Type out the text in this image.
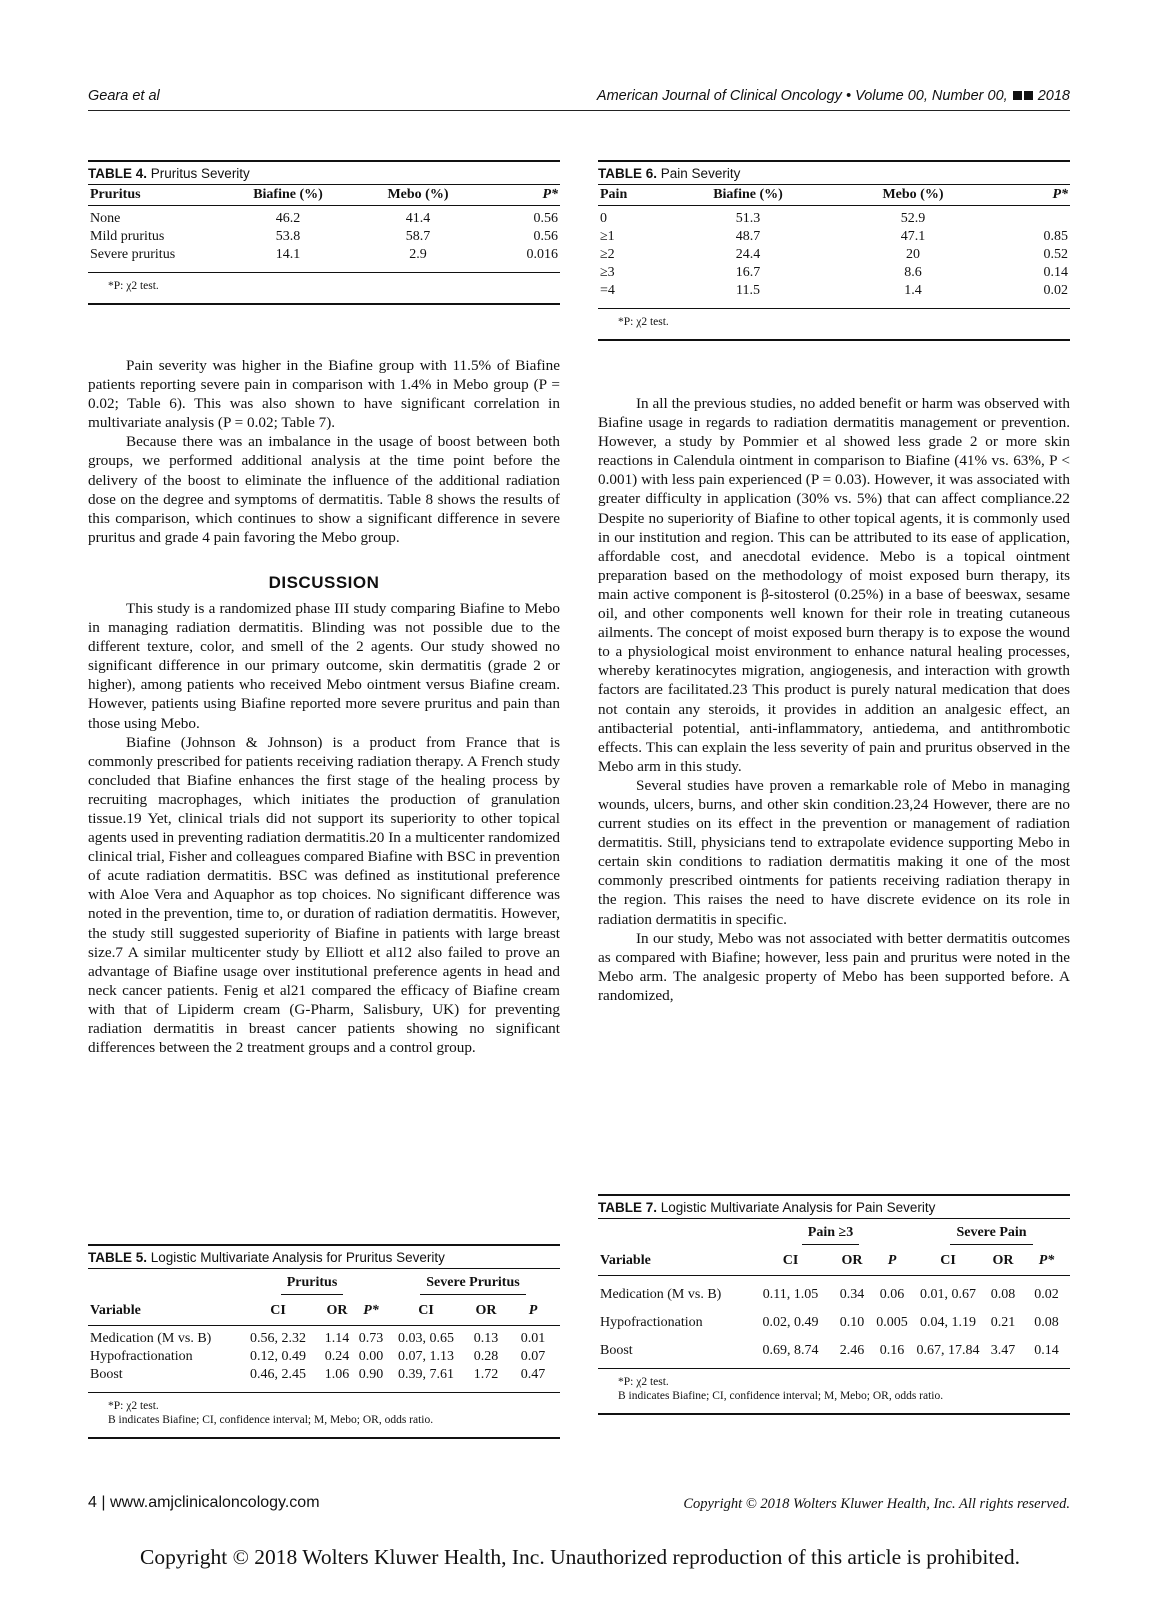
Geara et al	American Journal of Clinical Oncology • Volume 00, Number 00, 2018
TABLE 4. Pruritus Severity
Pruritus	Biafine (%)	Mebo (%)	P*
None	46.2	41.4	0.56
Mild pruritus	53.8	58.7	0.56
Severe pruritus	14.1	2.9	0.016
*P: χ2 test.
TABLE 6. Pain Severity
Pain	Biafine (%)	Mebo (%)	P*
0	51.3	52.9	
≥1	48.7	47.1	0.85
≥2	24.4	20	0.52
≥3	16.7	8.6	0.14
=4	11.5	1.4	0.02
*P: χ2 test.

Pain severity was higher in the Biafine group with 11.5% of Biafine patients reporting severe pain in comparison with 1.4% in Mebo group (P = 0.02; Table 6). This was also shown to have significant correlation in multivariate analysis (P = 0.02; Table 7).

Because there was an imbalance in the usage of boost between both groups, we performed additional analysis at the time point before the delivery of the boost to eliminate the influence of the additional radiation dose on the degree and symptoms of dermatitis. Table 8 shows the results of this comparison, which continues to show a significant difference in severe pruritus and grade 4 pain favoring the Mebo group.

DISCUSSION

This study is a randomized phase III study comparing Biafine to Mebo in managing radiation dermatitis. Blinding was not possible due to the different texture, color, and smell of the 2 agents. Our study showed no significant difference in our primary outcome, skin dermatitis (grade 2 or higher), among patients who received Mebo ointment versus Biafine cream. However, patients using Biafine reported more severe pruritus and pain than those using Mebo.

Biafine (Johnson & Johnson) is a product from France that is commonly prescribed for patients receiving radiation therapy. A French study concluded that Biafine enhances the first stage of the healing process by recruiting macrophages, which initiates the production of granulation tissue.19 Yet, clinical trials did not support its superiority to other topical agents used in preventing radiation dermatitis.20 In a multicenter randomized clinical trial, Fisher and colleagues compared Biafine with BSC in prevention of acute radiation dermatitis. BSC was defined as institutional preference with Aloe Vera and Aquaphor as top choices. No significant difference was noted in the prevention, time to, or duration of radiation dermatitis. However, the study still suggested superiority of Biafine in patients with large breast size.7 A similar multicenter study by Elliott et al12 also failed to prove an advantage of Biafine usage over institutional preference agents in head and neck cancer patients. Fenig et al21 compared the efficacy of Biafine cream with that of Lipiderm cream (G-Pharm, Salisbury, UK) for preventing radiation dermatitis in breast cancer patients showing no significant differences between the 2 treatment groups and a control group.

In all the previous studies, no added benefit or harm was observed with Biafine usage in regards to radiation dermatitis management or prevention. However, a study by Pommier et al showed less grade 2 or more skin reactions in Calendula ointment in comparison to Biafine (41% vs. 63%, P < 0.001) with less pain experienced (P = 0.03). However, it was associated with greater difficulty in application (30% vs. 5%) that can affect compliance.22 Despite no superiority of Biafine to other topical agents, it is commonly used in our institution and region. This can be attributed to its ease of application, affordable cost, and anecdotal evidence. Mebo is a topical ointment preparation based on the methodology of moist exposed burn therapy, its main active component is β-sitosterol (0.25%) in a base of beeswax, sesame oil, and other components well known for their role in treating cutaneous ailments. The concept of moist exposed burn therapy is to expose the wound to a physiological moist environment to enhance natural healing processes, whereby keratinocytes migration, angiogenesis, and interaction with growth factors are facilitated.23 This product is purely natural medication that does not contain any steroids, it provides in addition an analgesic effect, an antibacterial potential, anti-inflammatory, antiedema, and antithrombotic effects. This can explain the less severity of pain and pruritus observed in the Mebo arm in this study.

Several studies have proven a remarkable role of Mebo in managing wounds, ulcers, burns, and other skin condition.23,24 However, there are no current studies on its effect in the prevention or management of radiation dermatitis. Still, physicians tend to extrapolate evidence supporting Mebo in certain skin conditions to radiation dermatitis making it one of the most commonly prescribed ointments for patients receiving radiation therapy in the region. This raises the need to have discrete evidence on its role in radiation dermatitis in specific.

In our study, Mebo was not associated with better dermatitis outcomes as compared with Biafine; however, less pain and pruritus were noted in the Mebo arm. The analgesic property of Mebo has been supported before. A randomized,

TABLE 5. Logistic Multivariate Analysis for Pruritus Severity
	Pruritus			Severe Pruritus		
Variable	CI	OR	P*	CI	OR	P
Medication (M vs. B)	0.56, 2.32	1.14	0.73	0.03, 0.65	0.13	0.01
Hypofractionation	0.12, 0.49	0.24	0.00	0.07, 1.13	0.28	0.07
Boost	0.46, 2.45	1.06	0.90	0.39, 7.61	1.72	0.47
*P: χ2 test.
B indicates Biafine; CI, confidence interval; M, Mebo; OR, odds ratio.
TABLE 7. Logistic Multivariate Analysis for Pain Severity
	Pain ≥3			Severe Pain		
Variable	CI	OR	P	CI	OR	P*
Medication (M vs. B)	0.11, 1.05	0.34	0.06	0.01, 0.67	0.08	0.02
Hypofractionation	0.02, 0.49	0.10	0.005	0.04, 1.19	0.21	0.08
Boost	0.69, 8.74	2.46	0.16	0.67, 17.84	3.47	0.14
*P: χ2 test.
B indicates Biafine; CI, confidence interval; M, Mebo; OR, odds ratio.
4 | www.amjclinicaloncology.com	Copyright © 2018 Wolters Kluwer Health, Inc. All rights reserved.
Copyright © 2018 Wolters Kluwer Health, Inc. Unauthorized reproduction of this article is prohibited.
